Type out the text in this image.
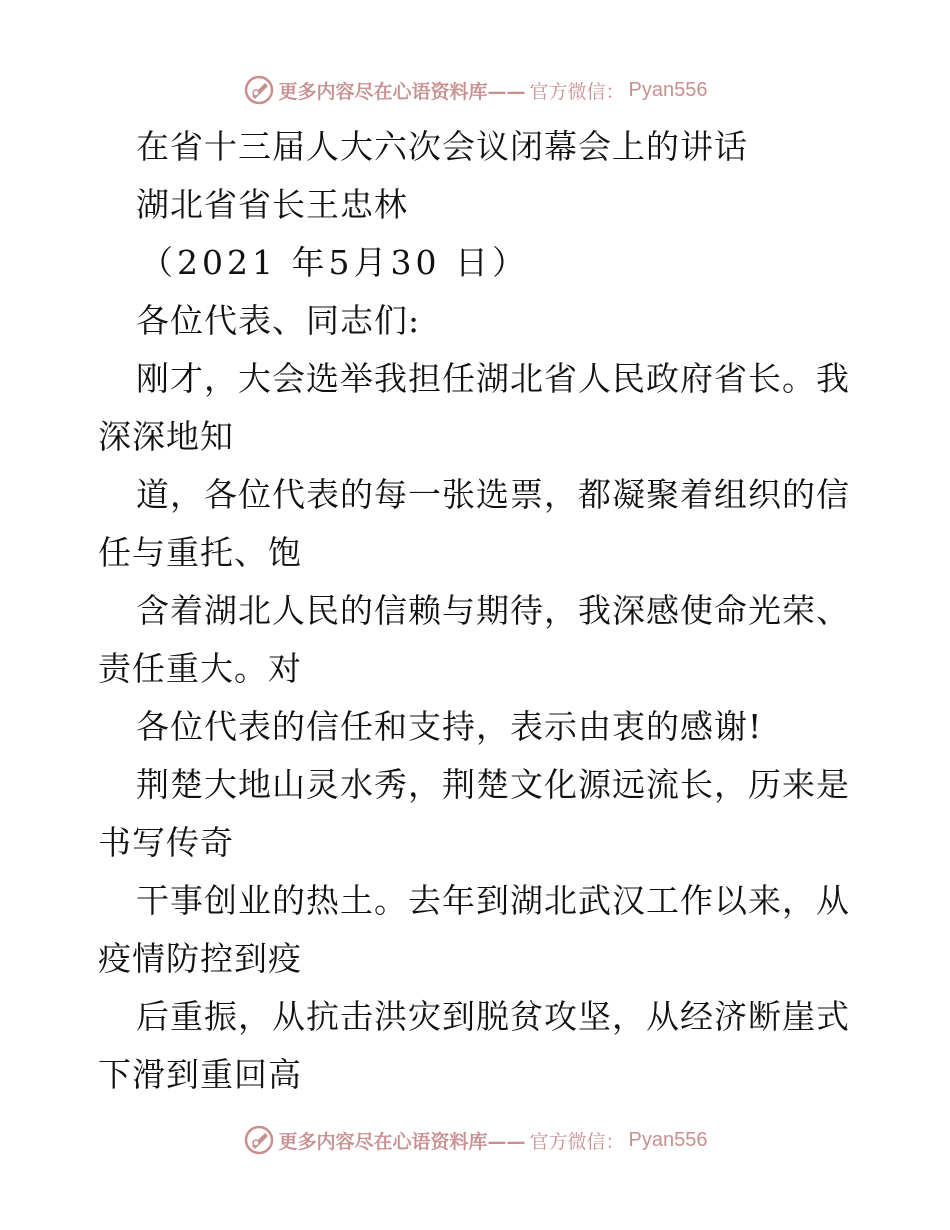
更多内容尽在心语资料库—— 官方微信： Pyan556
在省十三届人大六次会议闭幕会上的讲话
湖北省省长王忠林
（2021 年5月30 日）
各位代表、同志们:
刚才，大会选举我担任湖北省人民政府省长。我
深深地知
道，各位代表的每一张选票，都凝聚着组织的信
任与重托、饱
含着湖北人民的信赖与期待，我深感使命光荣、
责任重大。对
各位代表的信任和支持，表示由衷的感谢!
荆楚大地山灵水秀，荆楚文化源远流长，历来是
书写传奇
干事创业的热土。去年到湖北武汉工作以来，从
疫情防控到疫
后重振，从抗击洪灾到脱贫攻坚，从经济断崖式
下滑到重回高
更多内容尽在心语资料库—— 官方微信： Pyan556
